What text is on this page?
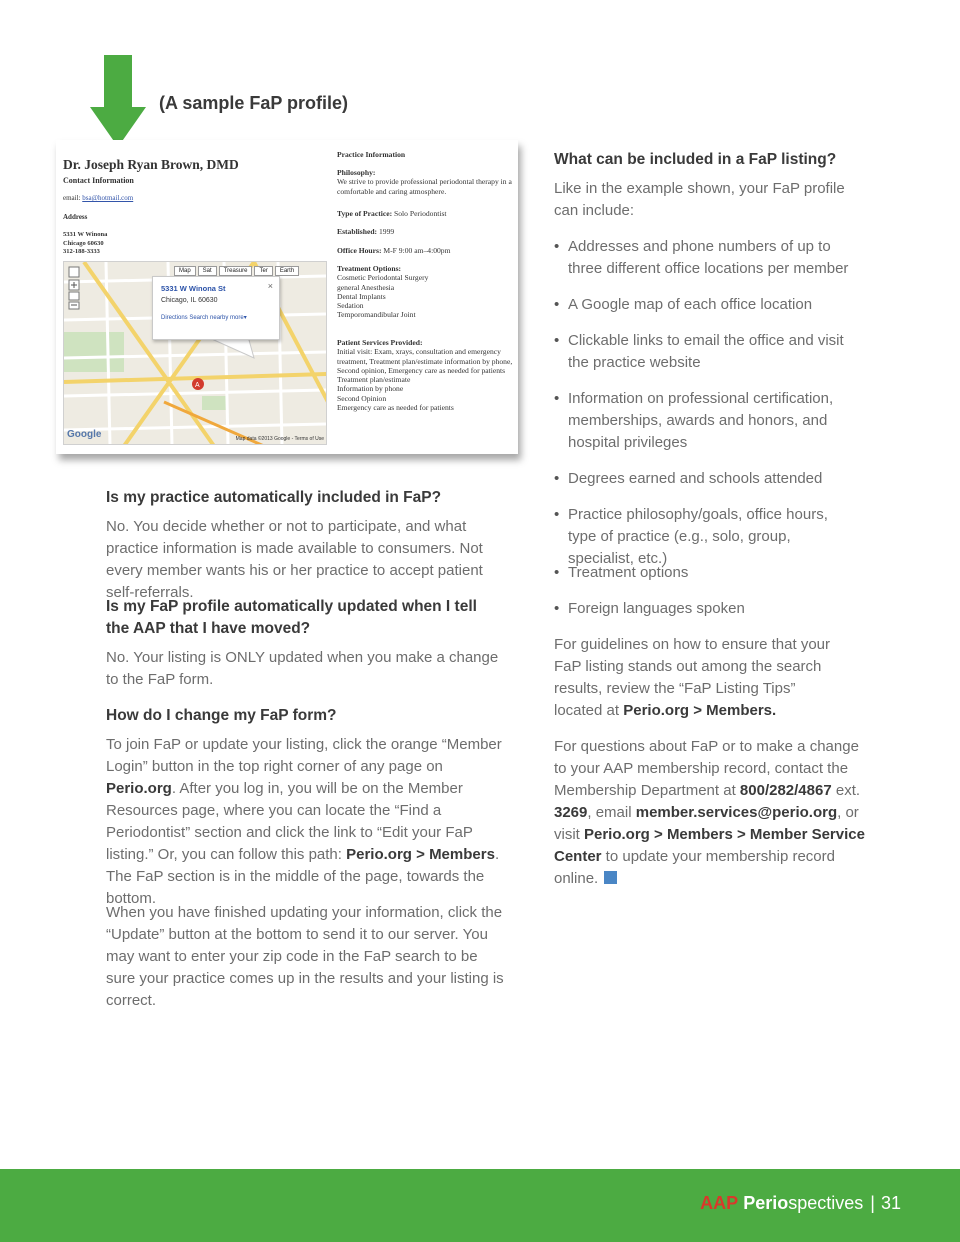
(A sample FaP profile)
Dr. Joseph Ryan Brown, DMD
Contact Information
email: bsa@hotmail.com
Address
5331 W Winona
Chicago 60630
312-188-3333
A
Map	Sat	Treasure	Ter	Earth
×
5331 W Winona St
Chicago, IL 60630
Directions Search nearby more▾
Google	Map data ©2013 Google - Terms of Use
Practice Information
Philosophy:
We strive to provide professional periodontal therapy in a comfortable and caring atmosphere.
Type of Practice: Solo Periodontist
Established: 1999
Office Hours: M-F 9:00 am–4:00pm
Treatment Options:
Cosmetic Periodontal Surgery
general Anesthesia
Dental Implants
Sedation
Temporomandibular Joint
Patient Services Provided:
Initial visit: Exam, xrays, consultation and emergency treatment, Treatment plan/estimate information by phone, Second opinion, Emergency care as needed for patients
Treatment plan/estimate
Information by phone
Second Opinion
Emergency care as needed for patients
Is my practice automatically included in FaP?
No. You decide whether or not to participate, and what practice information is made available to consumers. Not every member wants his or her practice to accept patient self-referrals.
Is my FaP profile automatically updated when I tell
the AAP that I have moved?
No. Your listing is ONLY updated when you make a change to the FaP form.
How do I change my FaP form?
To join FaP or update your listing, click the orange “Member Login” button in the top right corner of any page on Perio.org. After you log in, you will be on the Member Resources page, where you can locate the “Find a Periodontist” section and click the link to “Edit your FaP listing.” Or, you can follow this path: Perio.org > Members. The FaP section is in the middle of the page, towards the bottom.
When you have finished updating your information, click the “Update” button at the bottom to send it to our server. You may want to enter your zip code in the FaP search to be sure your practice comes up in the results and your listing is correct.
What can be included in a FaP listing?
Like in the example shown, your FaP profile can include:
• Addresses and phone numbers of up to three different office locations per member
• A Google map of each office location
• Clickable links to email the office and visit the practice website
• Information on professional certification, memberships, awards and honors, and hospital privileges
• Degrees earned and schools attended
• Practice philosophy/goals, office hours, type of practice (e.g., solo, group, specialist, etc.)
• Treatment options
• Foreign languages spoken
For guidelines on how to ensure that your FaP listing stands out among the search results, review the “FaP Listing Tips” located at Perio.org > Members.
For questions about FaP or to make a change to your AAP membership record, contact the Membership Department at 800/282/4867 ext. 3269, email member.services@perio.org, or visit Perio.org > Members > Member Service Center to update your membership record online.
AAP Periospectives | 31
